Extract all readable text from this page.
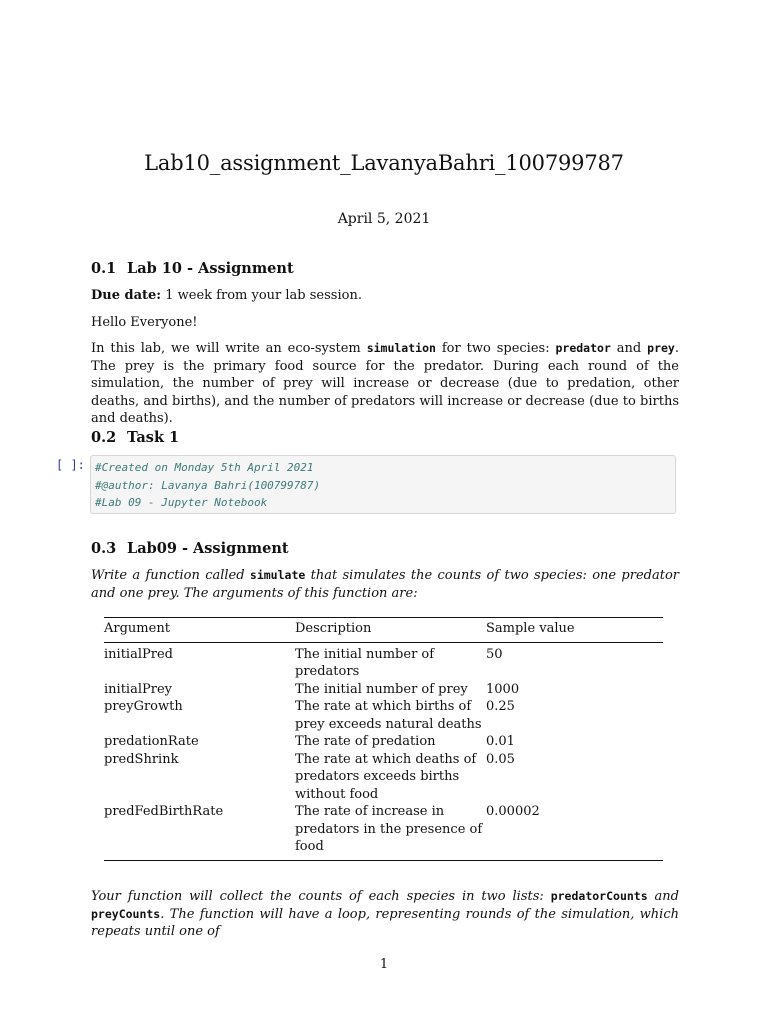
Lab10_assignment_LavanyaBahri_100799787
April 5, 2021
0.1 Lab 10 - Assignment
Due date: 1 week from your lab session.
Hello Everyone!
In this lab, we will write an eco-system simulation for two species: predator and prey. The prey is the primary food source for the predator. During each round of the simulation, the number of prey will increase or decrease (due to predation, other deaths, and births), and the number of predators will increase or decrease (due to births and deaths).
0.2 Task 1
[ ]: #Created on Monday 5th April 2021
#@author: Lavanya Bahri(100799787)
#Lab 09 - Jupyter Notebook
0.3 Lab09 - Assignment
Write a function called simulate that simulates the counts of two species: one predator and one prey. The arguments of this function are:
Argument	Description	Sample value
initialPred	The initial number of predators	50
initialPrey	The initial number of prey	1000
preyGrowth	The rate at which births of prey exceeds natural deaths	0.25
predationRate	The rate of predation	0.01
predShrink	The rate at which deaths of predators exceeds births without food	0.05
predFedBirthRate	The rate of increase in predators in the presence of food	0.00002
Your function will collect the counts of each species in two lists: predatorCounts and preyCounts. The function will have a loop, representing rounds of the simulation, which repeats until one of
1
